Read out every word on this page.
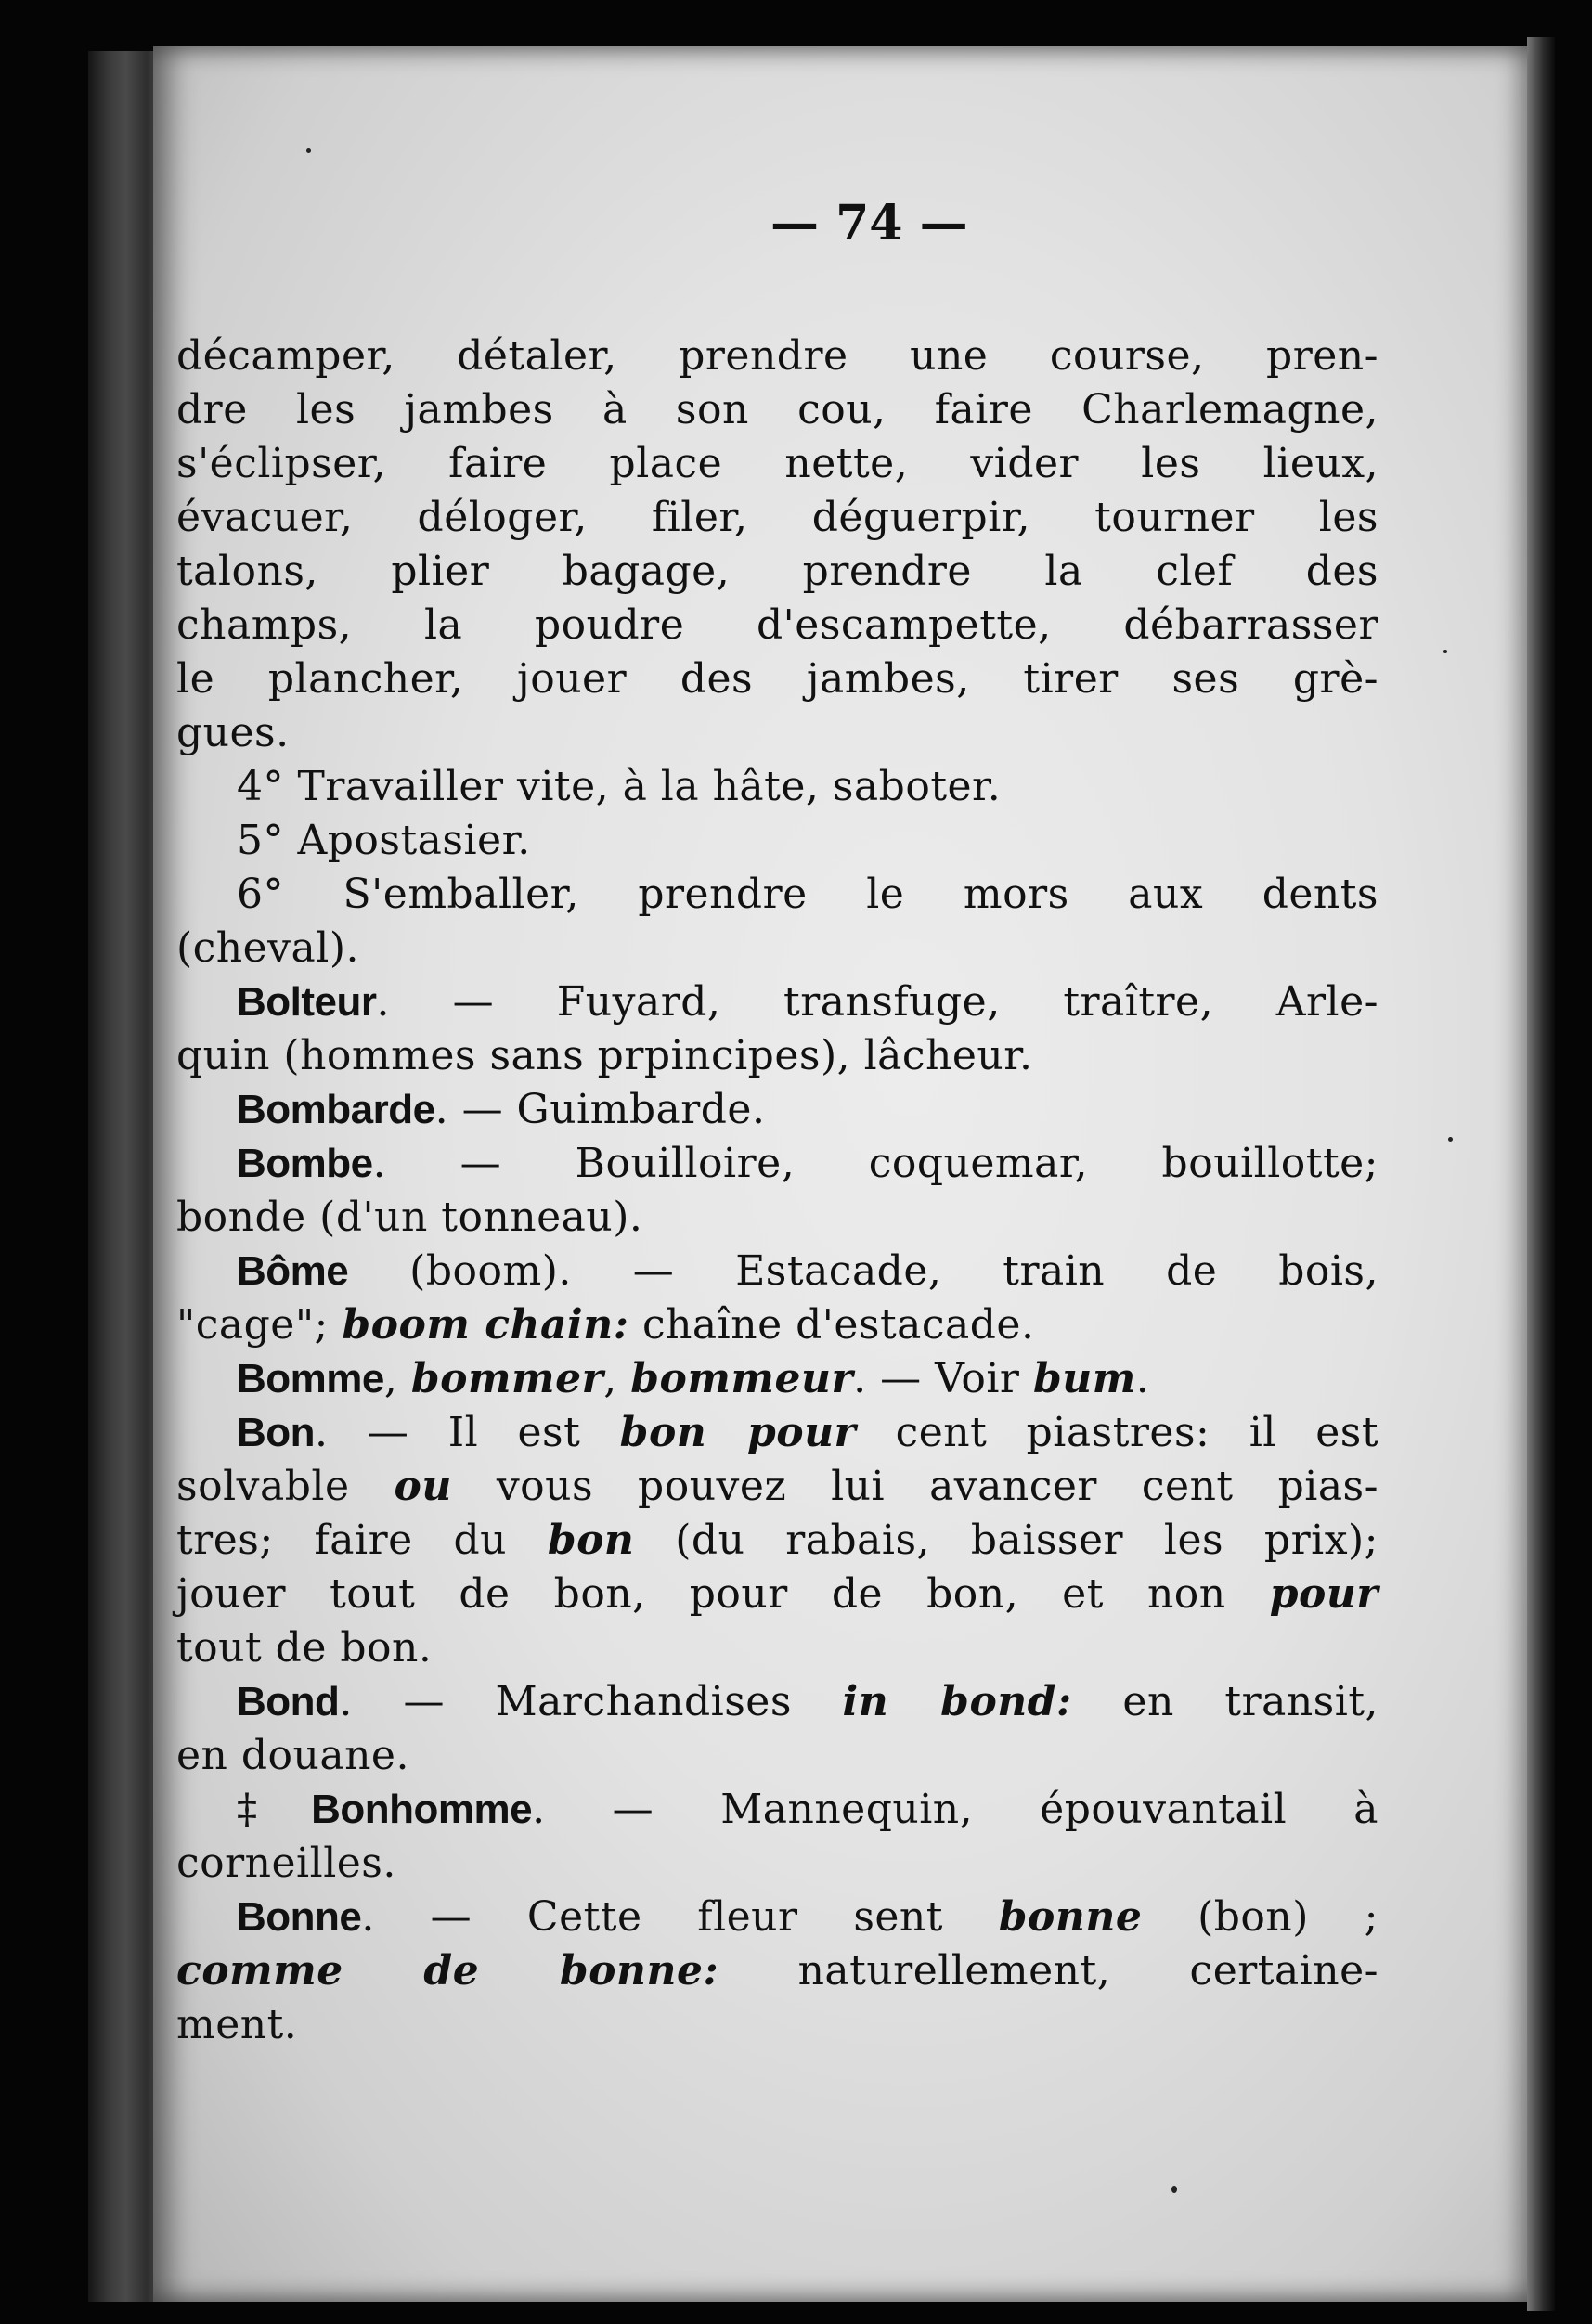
— 74 —
décamper, détaler, prendre une course, pren-
dre les jambes à son cou, faire Charlemagne,
s'éclipser, faire place nette, vider les lieux,
évacuer, déloger, filer, déguerpir, tourner les
talons, plier bagage, prendre la clef des
champs, la poudre d'escampette, débarrasser
le plancher, jouer des jambes, tirer ses grè-
gues.
4° Travailler vite, à la hâte, saboter.
5° Apostasier.
6° S'emballer, prendre le mors aux dents
(cheval).
Bolteur. — Fuyard, transfuge, traître, Arle-
quin (hommes sans prpincipes), lâcheur.
Bombarde. — Guimbarde.
Bombe. — Bouilloire, coquemar, bouillotte;
bonde (d'un tonneau).
Bôme (boom). — Estacade, train de bois,
"cage"; boom chain: chaîne d'estacade.
Bomme, bommer, bommeur. — Voir bum.
Bon. — Il est bon pour cent piastres: il est
solvable ou vous pouvez lui avancer cent pias-
tres; faire du bon (du rabais, baisser les prix);
jouer tout de bon, pour de bon, et non pour
tout de bon.
Bond. — Marchandises in bond: en transit,
en douane.
‡Bonhomme. — Mannequin, épouvantail à
corneilles.
Bonne. — Cette fleur sent bonne (bon) ;
comme de bonne: naturellement, certaine-
ment.
